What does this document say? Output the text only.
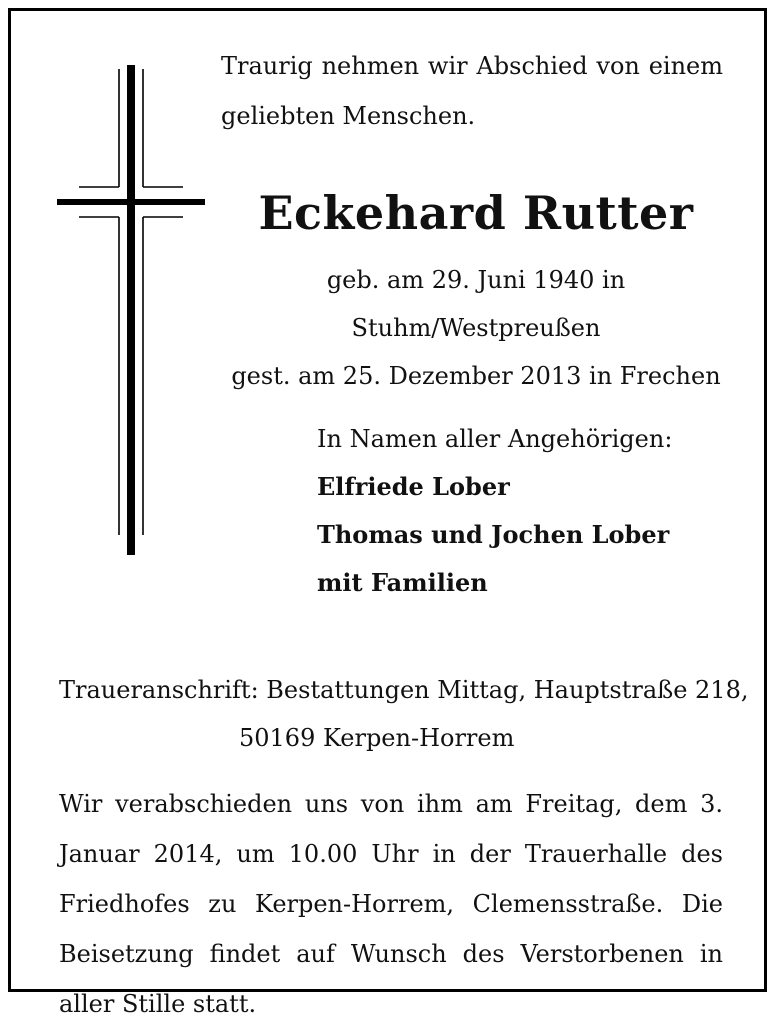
Traurig nehmen wir Abschied von einem geliebten Menschen.

Eckehard Rutter
geb. am 29. Juni 1940 in Stuhm/Westpreußen
gest. am 25. Dezember 2013 in Frechen
In Namen aller Angehörigen:
Elfriede Lober
Thomas und Jochen Lober
mit Familien

Traueranschrift: Bestattungen Mittag, Hauptstraße 218,

50169 Kerpen-Horrem

Wir verabschieden uns von ihm am Freitag, dem 3. Januar 2014, um 10.00 Uhr in der Trauerhalle des Friedhofes zu Kerpen-Horrem, Clemensstraße. Die Beisetzung findet auf Wunsch des Verstorbenen in aller Stille statt.
